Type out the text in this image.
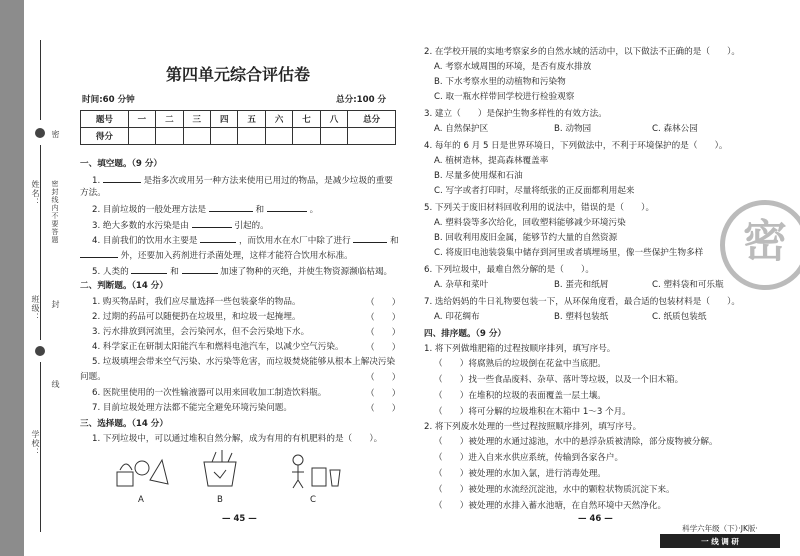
姓名：
班级：
学校：
密封线内不要答题
密
封
线
第四单元综合评估卷
时间:60 分钟	总分:100 分
题号	一	二	三	四	五	六	七	八	总分
得分									
一、填空题。（9 分）
1.	是指多次或用另一种方法来使用已用过的物品，是减少垃圾的重要
方法。
2. 目前垃圾的一般处理方法是	和	。
3. 绝大多数的水污染是由	引起的。
4. 目前我们的饮用水主要是	，而饮用水在水厂中除了进行	和
外，还要加入药剂进行杀菌处理，这样才能符合饮用水标准。
5. 人类的	和	加速了物种的灭绝，并使生物资源濒临枯竭。
二、判断题。（14 分）
1. 购买物品时，我们应尽量选择一些包装豪华的物品。	（　　）
2. 过期的药品可以随便扔在垃圾里，和垃圾一起掩埋。	（　　）
3. 污水排放到河流里，会污染河水，但不会污染地下水。	（　　）
4. 科学家正在研制太阳能汽车和燃料电池汽车，以减少空气污染。	（　　）
5. 垃圾填埋会带来空气污染、水污染等危害，而垃圾焚烧能够从根本上解决污染
问题。	（　　）
6. 医院里使用的一次性输液器可以用来回收加工制造饮料瓶。	（　　）
7. 目前垃圾处理方法都不能完全避免环境污染问题。	（　　）
三、选择题。（14 分）
1. 下列垃圾中，可以通过堆积自然分解，成为有用的有机肥料的是（　　）。
A	B	C
— 45 —
2. 在学校开展的实地考察家乡的自然水域的活动中，以下做法不正确的是（　　）。
A. 考察水域周围的环境，是否有废水排放
B. 下水考察水里的动植物和污染物
C. 取一瓶水样带回学校进行检验观察
3. 建立（　　）是保护生物多样性的有效方法。
A. 自然保护区	B. 动物园	C. 森林公园
4. 每年的 6 月 5 日是世界环境日，下列做法中，不利于环境保护的是（　　）。
A. 植树造林，提高森林覆盖率
B. 尽量多使用煤和石油
C. 写字或者打印时，尽量将纸张的正反面都利用起来
5. 下列关于废旧材料回收利用的说法中，错误的是（　　）。
A. 塑料袋等多次给化，回收塑料能够减少环境污染
B. 回收利用废旧金属，能够节约大量的自然资源
C. 将废旧电池装袋集中储存到河里或者填埋场里，像一些保护生物多样
6. 下列垃圾中，最难自然分解的是（　　）。
A. 杂草和菜叶	B. 蛋壳和纸屑	C. 塑料袋和可乐瓶
7. 选给妈妈的牛日礼物要包装一下，从环保角度看，最合适的包装材料是（　　）。
A. 印花绸布	B. 塑料包装纸	C. 纸质包装纸
四、排序题。（9 分）
1. 将下列做堆肥箱的过程按顺序排列，填写序号。
（　　）将腐熟后的垃圾倒在花盆中当底肥。
（　　）找一些食品废料、杂草、落叶等垃圾，以及一个旧木箱。
（　　）在堆积的垃圾的表面覆盖一层土壤。
（　　）将可分解的垃圾堆积在木箱中 1～3 个月。
2. 将下列废水处理的一些过程按照顺序排列，填写序号。
（　　）被处理的水通过滤池，水中的悬浮杂质被清除，部分废物被分解。
（　　）进入自来水供应系统，传输到各家各户。
（　　）被处理的水加入氯，进行消毒处理。
（　　）被处理的水流经沉淀池，水中的颗粒状物质沉淀下来。
（　　）被处理的水排入蓄水池塘，在自然环境中天然净化。
— 46 —
科学六年级（下）·JK版·
一 线 调 研
密
